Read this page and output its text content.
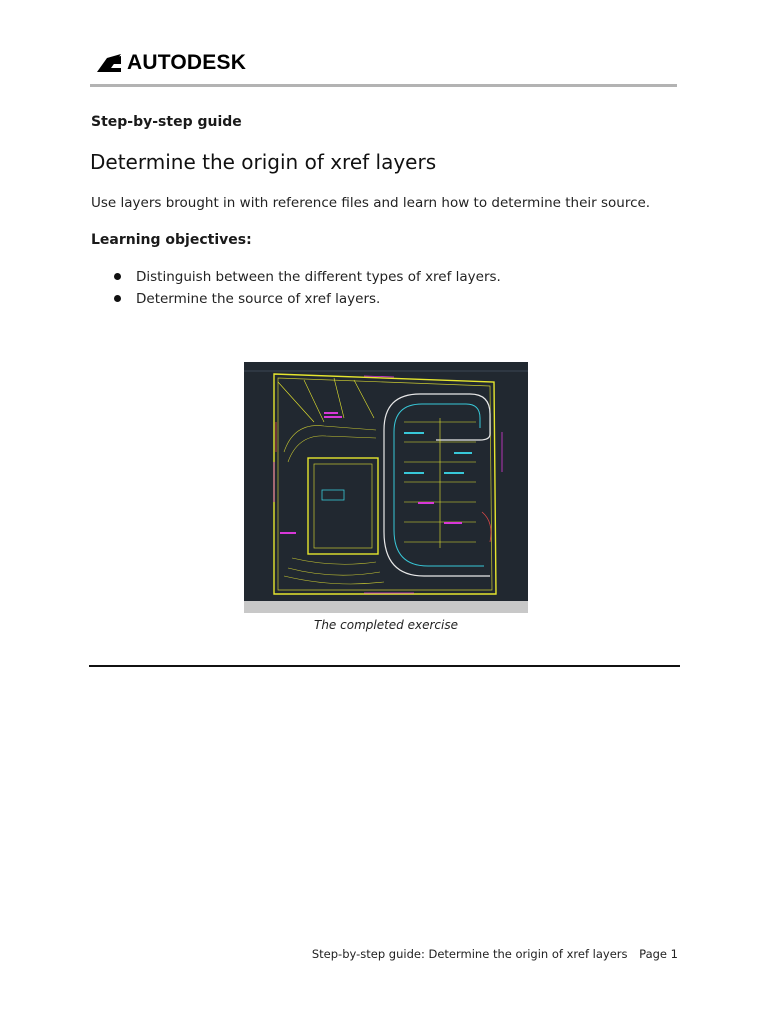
AUTODESK
Step-by-step guide
Determine the origin of xref layers

Use layers brought in with reference files and learn how to determine their source.

Learning objectives:
Distinguish between the different types of xref layers.
Determine the source of xref layers.
The completed exercise
Step-by-step guide: Determine the origin of xref layers Page 1
